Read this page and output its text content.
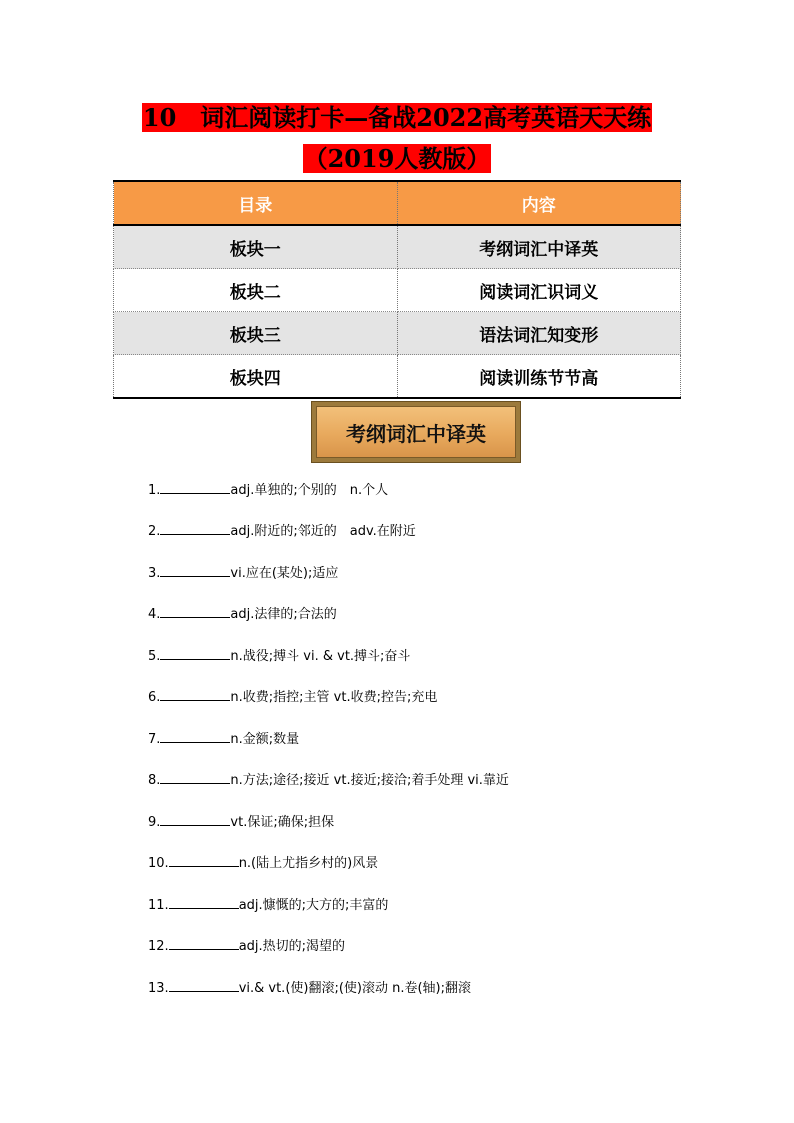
10　词汇阅读打卡—备战2022高考英语天天练
（2019人教版）
目录	内容
板块一	考纲词汇中译英
板块二	阅读词汇识词义
板块三	语法词汇知变形
板块四	阅读训练节节高
考纲词汇中译英
1.	adj.单独的;个别的　n.个人
2.	adj.附近的;邻近的　adv.在附近
3.	vi.应在(某处);适应
4.	adj.法律的;合法的
5.	n.战役;搏斗 vi. & vt.搏斗;奋斗
6.	n.收费;指控;主管 vt.收费;控告;充电
7.	n.金额;数量
8.	n.方法;途径;接近 vt.接近;接洽;着手处理 vi.靠近
9.	vt.保证;确保;担保
10.	n.(陆上尤指乡村的)风景
11.	adj.慷慨的;大方的;丰富的
12.	adj.热切的;渴望的
13.	vi.& vt.(使)翻滚;(使)滚动 n.卷(轴);翻滚
